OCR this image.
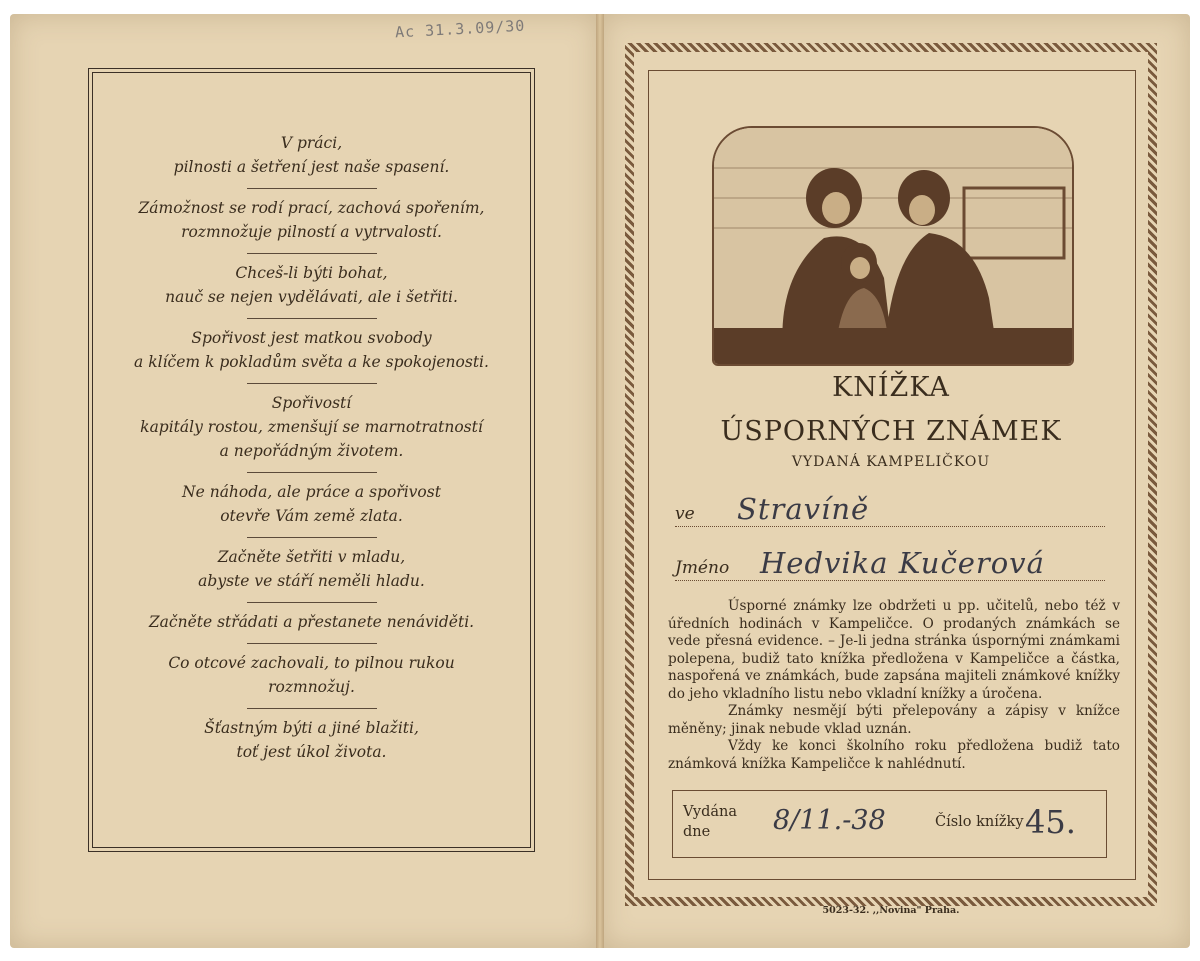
Ac 31.3.09/30
V práci,
pilnosti a šetření jest naše spasení.
Zámožnost se rodí prací, zachová spořením,
rozmnožuje pilností a vytrvalostí.
Chceš-li býti bohat,
nauč se nejen vydělávati, ale i šetřiti.
Spořivost jest matkou svobody
a klíčem k pokladům světa a ke spokojenosti.
Spořivostí
kapitály rostou, zmenšují se marnotratností
a nepořádným životem.
Ne náhoda, ale práce a spořivost
otevře Vám země zlata.
Začněte šetřiti v mladu,
abyste ve stáří neměli hladu.
Začněte střádati a přestanete nenáviděti.
Co otcové zachovali, to pilnou rukou
rozmnožuj.
Šťastným býti a jiné blažiti,
toť jest úkol života.
KNÍŽKA
ÚSPORNÝCH ZNÁMEK
VYDANÁ KAMPELIČKOU
ve Stravíně
Jméno Hedvika Kučerová

Úsporné známky lze obdržeti u pp. učitelů, nebo též v úředních hodinách v Kampeličce. O prodaných známkách se vede přesná evidence. – Je-li jedna stránka úspornými známkami polepena, budiž tato knížka předložena v Kampeličce a částka, naspořená ve známkách, bude zapsána majiteli známkové knížky do jeho vkladního listu nebo vkladní knížky a úročena.

Známky nesmějí býti přelepovány a zápisy v knížce měněny; jinak nebude vklad uznán.

Vždy ke konci školního roku předložena budiž tato známková knížka Kampeličce k nahlédnutí.

Vydána
dne 8/11.-38	Číslo knížky 45.
5023-32. ,,Novina" Praha.
